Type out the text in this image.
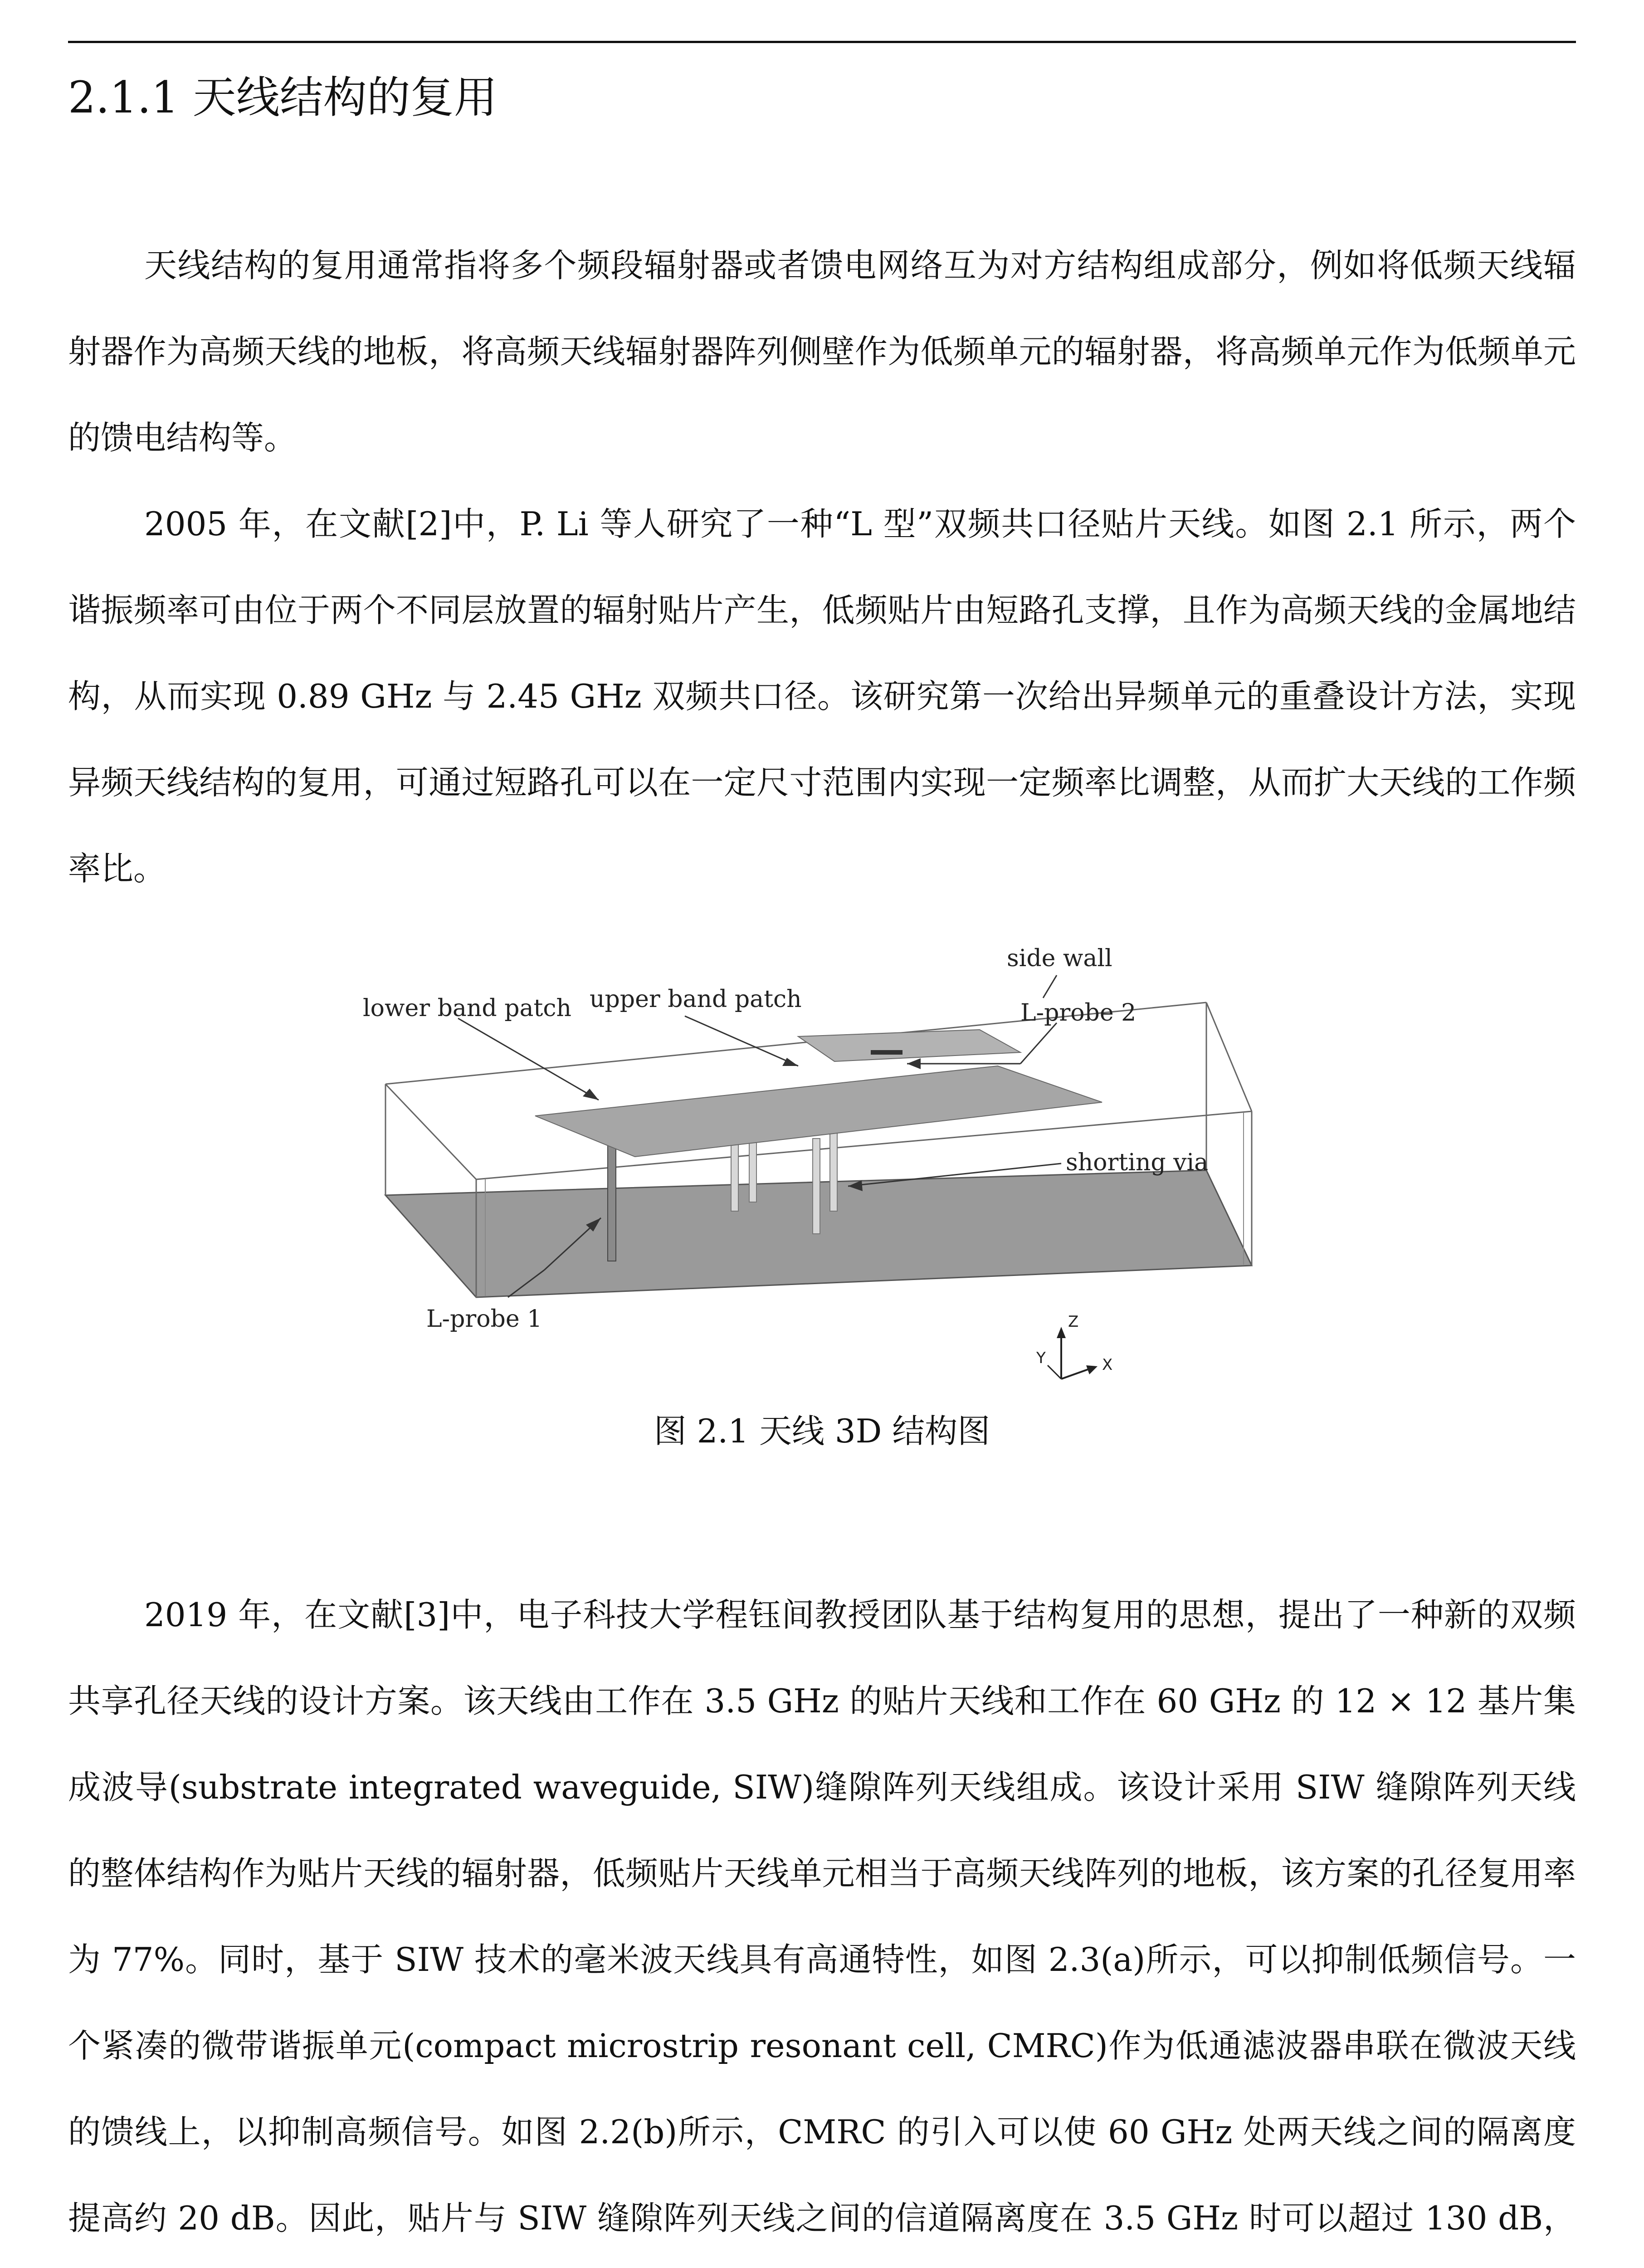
2.1.1 天线结构的复用

天线结构的复用通常指将多个频段辐射器或者馈电网络互为对方结构组成部分，例如将低频天线辐射器作为高频天线的地板，将高频天线辐射器阵列侧壁作为低频单元的辐射器，将高频单元作为低频单元的馈电结构等。

2005 年，在文献[2]中，P. Li 等人研究了一种“L 型”双频共口径贴片天线。如图 2.1 所示，两个谐振频率可由位于两个不同层放置的辐射贴片产生，低频贴片由短路孔支撑，且作为高频天线的金属地结构，从而实现 0.89 GHz 与 2.45 GHz 双频共口径。该研究第一次给出异频单元的重叠设计方法，实现异频天线结构的复用，可通过短路孔可以在一定尺寸范围内实现一定频率比调整，从而扩大天线的工作频率比。

side wall
lower band patch upper band patch	L-probe 2
shorting via
L-probe 1	Z
Y	X
图 2.1 天线 3D 结构图

2019 年，在文献[3]中，电子科技大学程钰间教授团队基于结构复用的思想，提出了一种新的双频共享孔径天线的设计方案。该天线由工作在 3.5 GHz 的贴片天线和工作在 60 GHz 的 12 × 12 基片集成波导(substrate integrated waveguide, SIW)缝隙阵列天线组成。该设计采用 SIW 缝隙阵列天线的整体结构作为贴片天线的辐射器，低频贴片天线单元相当于高频天线阵列的地板，该方案的孔径复用率为 77%。同时，基于 SIW 技术的毫米波天线具有高通特性，如图 2.3(a)所示，可以抑制低频信号。一个紧凑的微带谐振单元(compact microstrip resonant cell, CMRC)作为低通滤波器串联在微波天线的馈线上，以抑制高频信号。如图 2.2(b)所示，CMRC 的引入可以使 60 GHz 处两天线之间的隔离度提高约 20 dB。因此，贴片与 SIW 缝隙阵列天线之间的信道隔离度在 3.5 GHz 时可以超过 130 dB，
